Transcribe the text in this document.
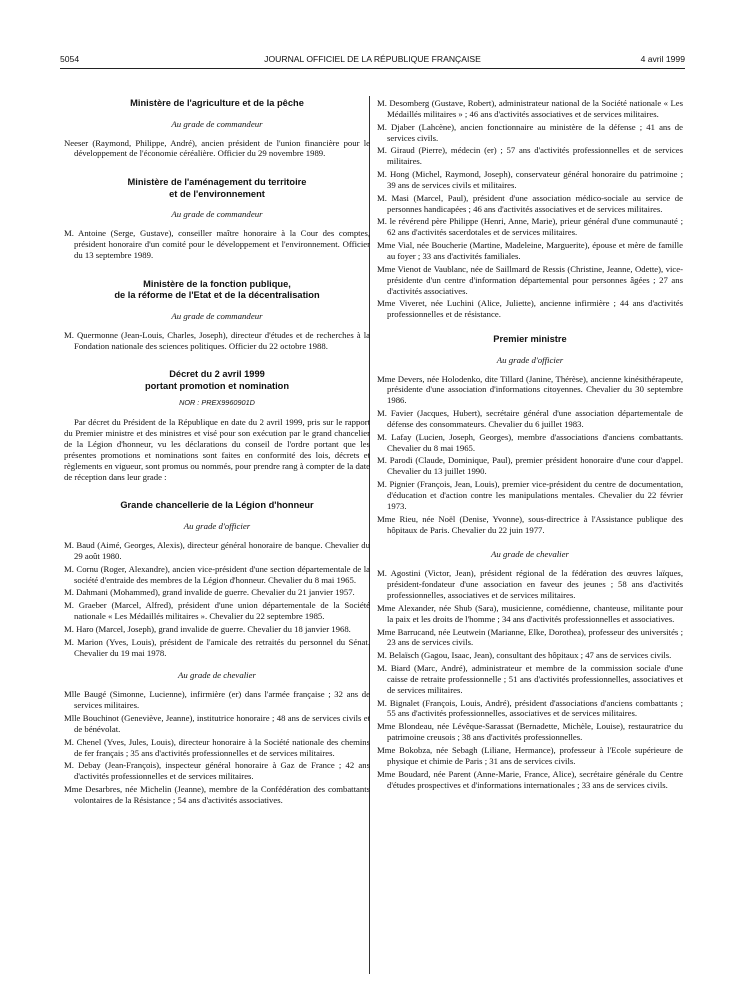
5054	JOURNAL OFFICIEL DE LA RÉPUBLIQUE FRANÇAISE	4 avril 1999
Ministère de l'agriculture et de la pêche

Au grade de commandeur

Neeser (Raymond, Philippe, André), ancien président de l'union financière pour le développement de l'économie céréalière. Officier du 29 novembre 1989.

Ministère de l'aménagement du territoire
et de l'environnement

Au grade de commandeur

M. Antoine (Serge, Gustave), conseiller maître honoraire à la Cour des comptes, président honoraire d'un comité pour le développement et l'environnement. Officier du 13 septembre 1989.

Ministère de la fonction publique,
de la réforme de l'Etat et de la décentralisation

Au grade de commandeur

M. Quermonne (Jean-Louis, Charles, Joseph), directeur d'études et de recherches à la Fondation nationale des sciences politiques. Officier du 22 octobre 1988.

Décret du 2 avril 1999
portant promotion et nomination

NOR : PREX9960901D

Par décret du Président de la République en date du 2 avril 1999, pris sur le rapport du Premier ministre et des ministres et visé pour son exécution par le grand chancelier de la Légion d'honneur, vu les déclarations du conseil de l'ordre portant que les présentes promotions et nominations sont faites en conformité des lois, décrets et règlements en vigueur, sont promus ou nommés, pour prendre rang à compter de la date de réception dans leur grade :

Grande chancellerie de la Légion d'honneur

Au grade d'officier

M. Baud (Aimé, Georges, Alexis), directeur général honoraire de banque. Chevalier du 29 août 1980.

M. Cornu (Roger, Alexandre), ancien vice-président d'une section départementale de la société d'entraide des membres de la Légion d'honneur. Chevalier du 8 mai 1965.

M. Dahmani (Mohammed), grand invalide de guerre. Chevalier du 21 janvier 1957.

M. Graeber (Marcel, Alfred), président d'une union départementale de la Société nationale « Les Médaillés militaires ». Chevalier du 22 septembre 1985.

M. Haro (Marcel, Joseph), grand invalide de guerre. Chevalier du 18 janvier 1968.

M. Marion (Yves, Louis), président de l'amicale des retraités du personnel du Sénat. Chevalier du 19 mai 1978.

Au grade de chevalier

Mlle Baugé (Simonne, Lucienne), infirmière (er) dans l'armée française ; 32 ans de services militaires.

Mlle Bouchinot (Geneviève, Jeanne), institutrice honoraire ; 48 ans de services civils et de bénévolat.

M. Chenel (Yves, Jules, Louis), directeur honoraire à la Société nationale des chemins de fer français ; 35 ans d'activités professionnelles et de services militaires.

M. Debay (Jean-François), inspecteur général honoraire à Gaz de France ; 42 ans d'activités professionnelles et de services militaires.

Mme Desarbres, née Michelin (Jeanne), membre de la Confédération des combattants volontaires de la Résistance ; 54 ans d'activités associatives.

M. Desomberg (Gustave, Robert), administrateur national de la Société nationale « Les Médaillés militaires » ; 46 ans d'activités associatives et de services militaires.

M. Djaber (Lahcène), ancien fonctionnaire au ministère de la défense ; 41 ans de services civils.

M. Giraud (Pierre), médecin (er) ; 57 ans d'activités professionnelles et de services militaires.

M. Hong (Michel, Raymond, Joseph), conservateur général honoraire du patrimoine ; 39 ans de services civils et militaires.

M. Masi (Marcel, Paul), président d'une association médico-sociale au service de personnes handicapées ; 46 ans d'activités associatives et de services militaires.

M. le révérend père Philippe (Henri, Anne, Marie), prieur général d'une communauté ; 62 ans d'activités sacerdotales et de services militaires.

Mme Vial, née Boucherie (Martine, Madeleine, Marguerite), épouse et mère de famille au foyer ; 33 ans d'activités familiales.

Mme Vienot de Vaublanc, née de Saillmard de Ressis (Christine, Jeanne, Odette), vice-présidente d'un centre d'information départemental pour personnes âgées ; 27 ans d'activités associatives.

Mme Viveret, née Luchini (Alice, Juliette), ancienne infirmière ; 44 ans d'activités professionnelles et de résistance.

Premier ministre

Au grade d'officier

Mme Devers, née Holodenko, dite Tillard (Janine, Thérèse), ancienne kinésithérapeute, présidente d'une association d'informations citoyennes. Chevalier du 30 septembre 1986.

M. Favier (Jacques, Hubert), secrétaire général d'une association départementale de défense des consommateurs. Chevalier du 6 juillet 1983.

M. Lafay (Lucien, Joseph, Georges), membre d'associations d'anciens combattants. Chevalier du 8 mai 1965.

M. Parodi (Claude, Dominique, Paul), premier président honoraire d'une cour d'appel. Chevalier du 13 juillet 1990.

M. Pignier (François, Jean, Louis), premier vice-président du centre de documentation, d'éducation et d'action contre les manipulations mentales. Chevalier du 22 février 1973.

Mme Rieu, née Noël (Denise, Yvonne), sous-directrice à l'Assistance publique des hôpitaux de Paris. Chevalier du 22 juin 1977.

Au grade de chevalier

M. Agostini (Victor, Jean), président régional de la fédération des œuvres laïques, président-fondateur d'une association en faveur des jeunes ; 58 ans d'activités professionnelles, associatives et de services militaires.

Mme Alexander, née Shub (Sara), musicienne, comédienne, chanteuse, militante pour la paix et les droits de l'homme ; 34 ans d'activités professionnelles et associatives.

Mme Barrucand, née Leutwein (Marianne, Elke, Dorothea), professeur des universités ; 23 ans de services civils.

M. Belaïsch (Gagou, Isaac, Jean), consultant des hôpitaux ; 47 ans de services civils.

M. Biard (Marc, André), administrateur et membre de la commission sociale d'une caisse de retraite professionnelle ; 51 ans d'activités professionnelles, associatives et de services militaires.

M. Bignalet (François, Louis, André), président d'associations d'anciens combattants ; 55 ans d'activités professionnelles, associatives et de services militaires.

Mme Blondeau, née Lévêque-Sarassat (Bernadette, Michèle, Louise), restauratrice du patrimoine creusois ; 38 ans d'activités professionnelles.

Mme Bokobza, née Sebagh (Liliane, Hermance), professeur à l'Ecole supérieure de physique et chimie de Paris ; 31 ans de services civils.

Mme Boudard, née Parent (Anne-Marie, France, Alice), secrétaire générale du Centre d'études prospectives et d'informations internationales ; 33 ans de services civils.
